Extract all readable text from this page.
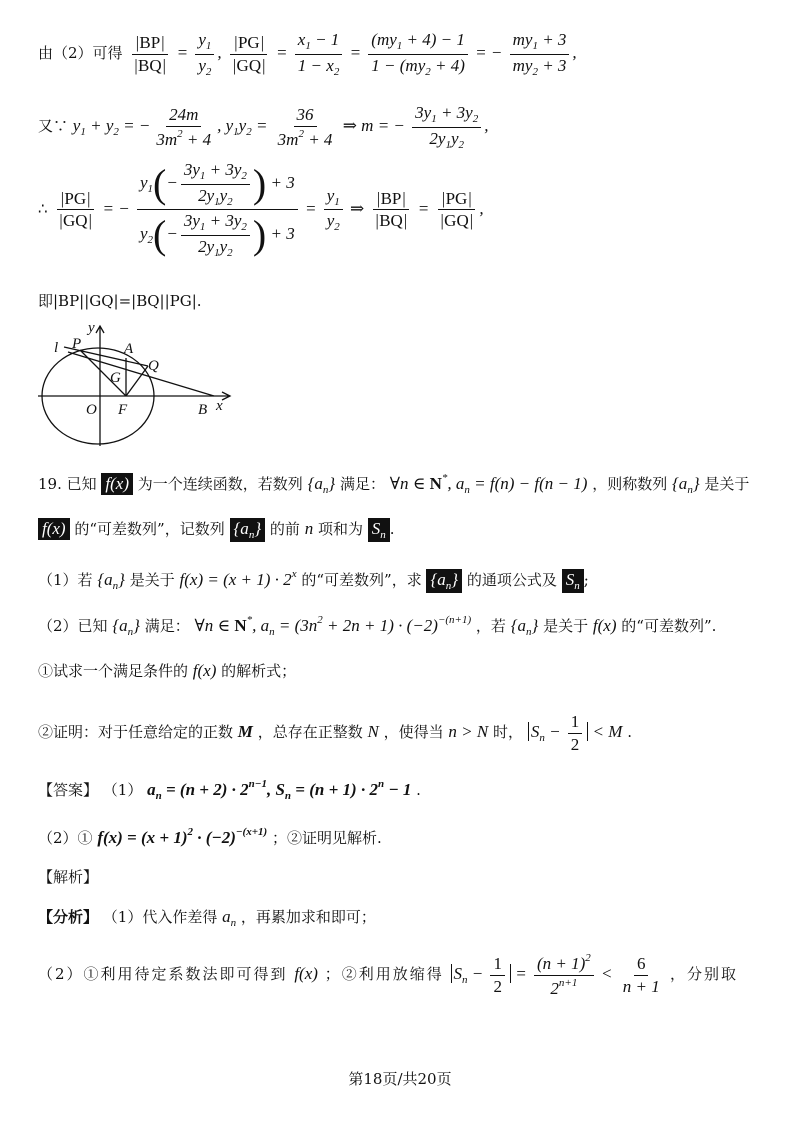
由（2）可得 $\frac{|BP|}{|BQ|} = \frac{y_1}{y_2}$ , $\frac{|PG|}{|GQ|} = \frac{x_1 - 1}{1 - x_2} = \frac{(my_1 + 4) - 1}{1 - (my_2 + 4)}$ = − $\frac{my_1 + 3}{my_2 + 3}$ ,
又∵ $y_1 + y_2$ = − $\frac{24m}{3m^2 + 4}$ , $y_1y_2 = \frac{36}{3m^2 + 4}$ ⇒ m = − $\frac{3y_1 + 3y_2}{2y_1y_2}$ ,
∴ $\frac{|PG|}{|GQ|}$ = − $\frac{y_1(- \frac{3y_1 + 3y_2}{2y_1y_2} ) + 3}{y_2(- \frac{3y_1 + 3y_2}{2y_1y_2} ) + 3} = \frac{y_1}{y_2}$ ⇒ $\frac{|BP|}{|BQ|} = \frac{|PG|}{|GQ|}$ ,
即|BP||GQ|=|BQ||PG|.
y
l P	A
G
Q
O F	B x
19. 已知 f(x) 为一个连续函数，若数列 $\{a_n\}$ 满足： ∀n ∈ N*, $a_n = f(n) - f(n - 1)$ ，则称数列 $\{a_n\}$ 是关于
f(x) 的“可差数列”，记数列 $\{a_n\}$ 的前 n 项和为 $S_n$ .
（1）若 $\{a_n\}$ 是关于 $f(x) = (x + 1) \cdot 2^x$ 的“可差数列”，求 $\{a_n\}$ 的通项公式及 $S_n$ ;
（2）已知 $\{a_n\}$ 满足： ∀n ∈ N*, $a_n = (3n^2 + 2n + 1) \cdot (-2)^{-(n+1)}$ ，若 $\{a_n\}$ 是关于 f(x) 的“可差数列”.
①试求一个满足条件的 f(x) 的解析式；
②证明：对于任意给定的正数 M ，总存在正整数 N ，使得当 n > N 时， $S_n - \frac{1}{2} < M$ .
【答案】 （1） $a_n = (n + 2) \cdot 2^{n-1}$, $S_n = (n + 1) \cdot 2^n - 1$ .
（2）① $f(x) = (x + 1)^2 \cdot (-2)^{-(x+1)}$ ；②证明见解析.
【解析】
【分析】 （1）代入作差得 $a_n$ ，再累加求和即可；
（2）①利用待定系数法即可得到 f(x) ；②利用放缩得 $S_n - \frac{1}{2} = \frac{(n + 1)^2}{2^{n+1}} < \frac{6}{n + 1}$ ，分别取
第18页/共20页
